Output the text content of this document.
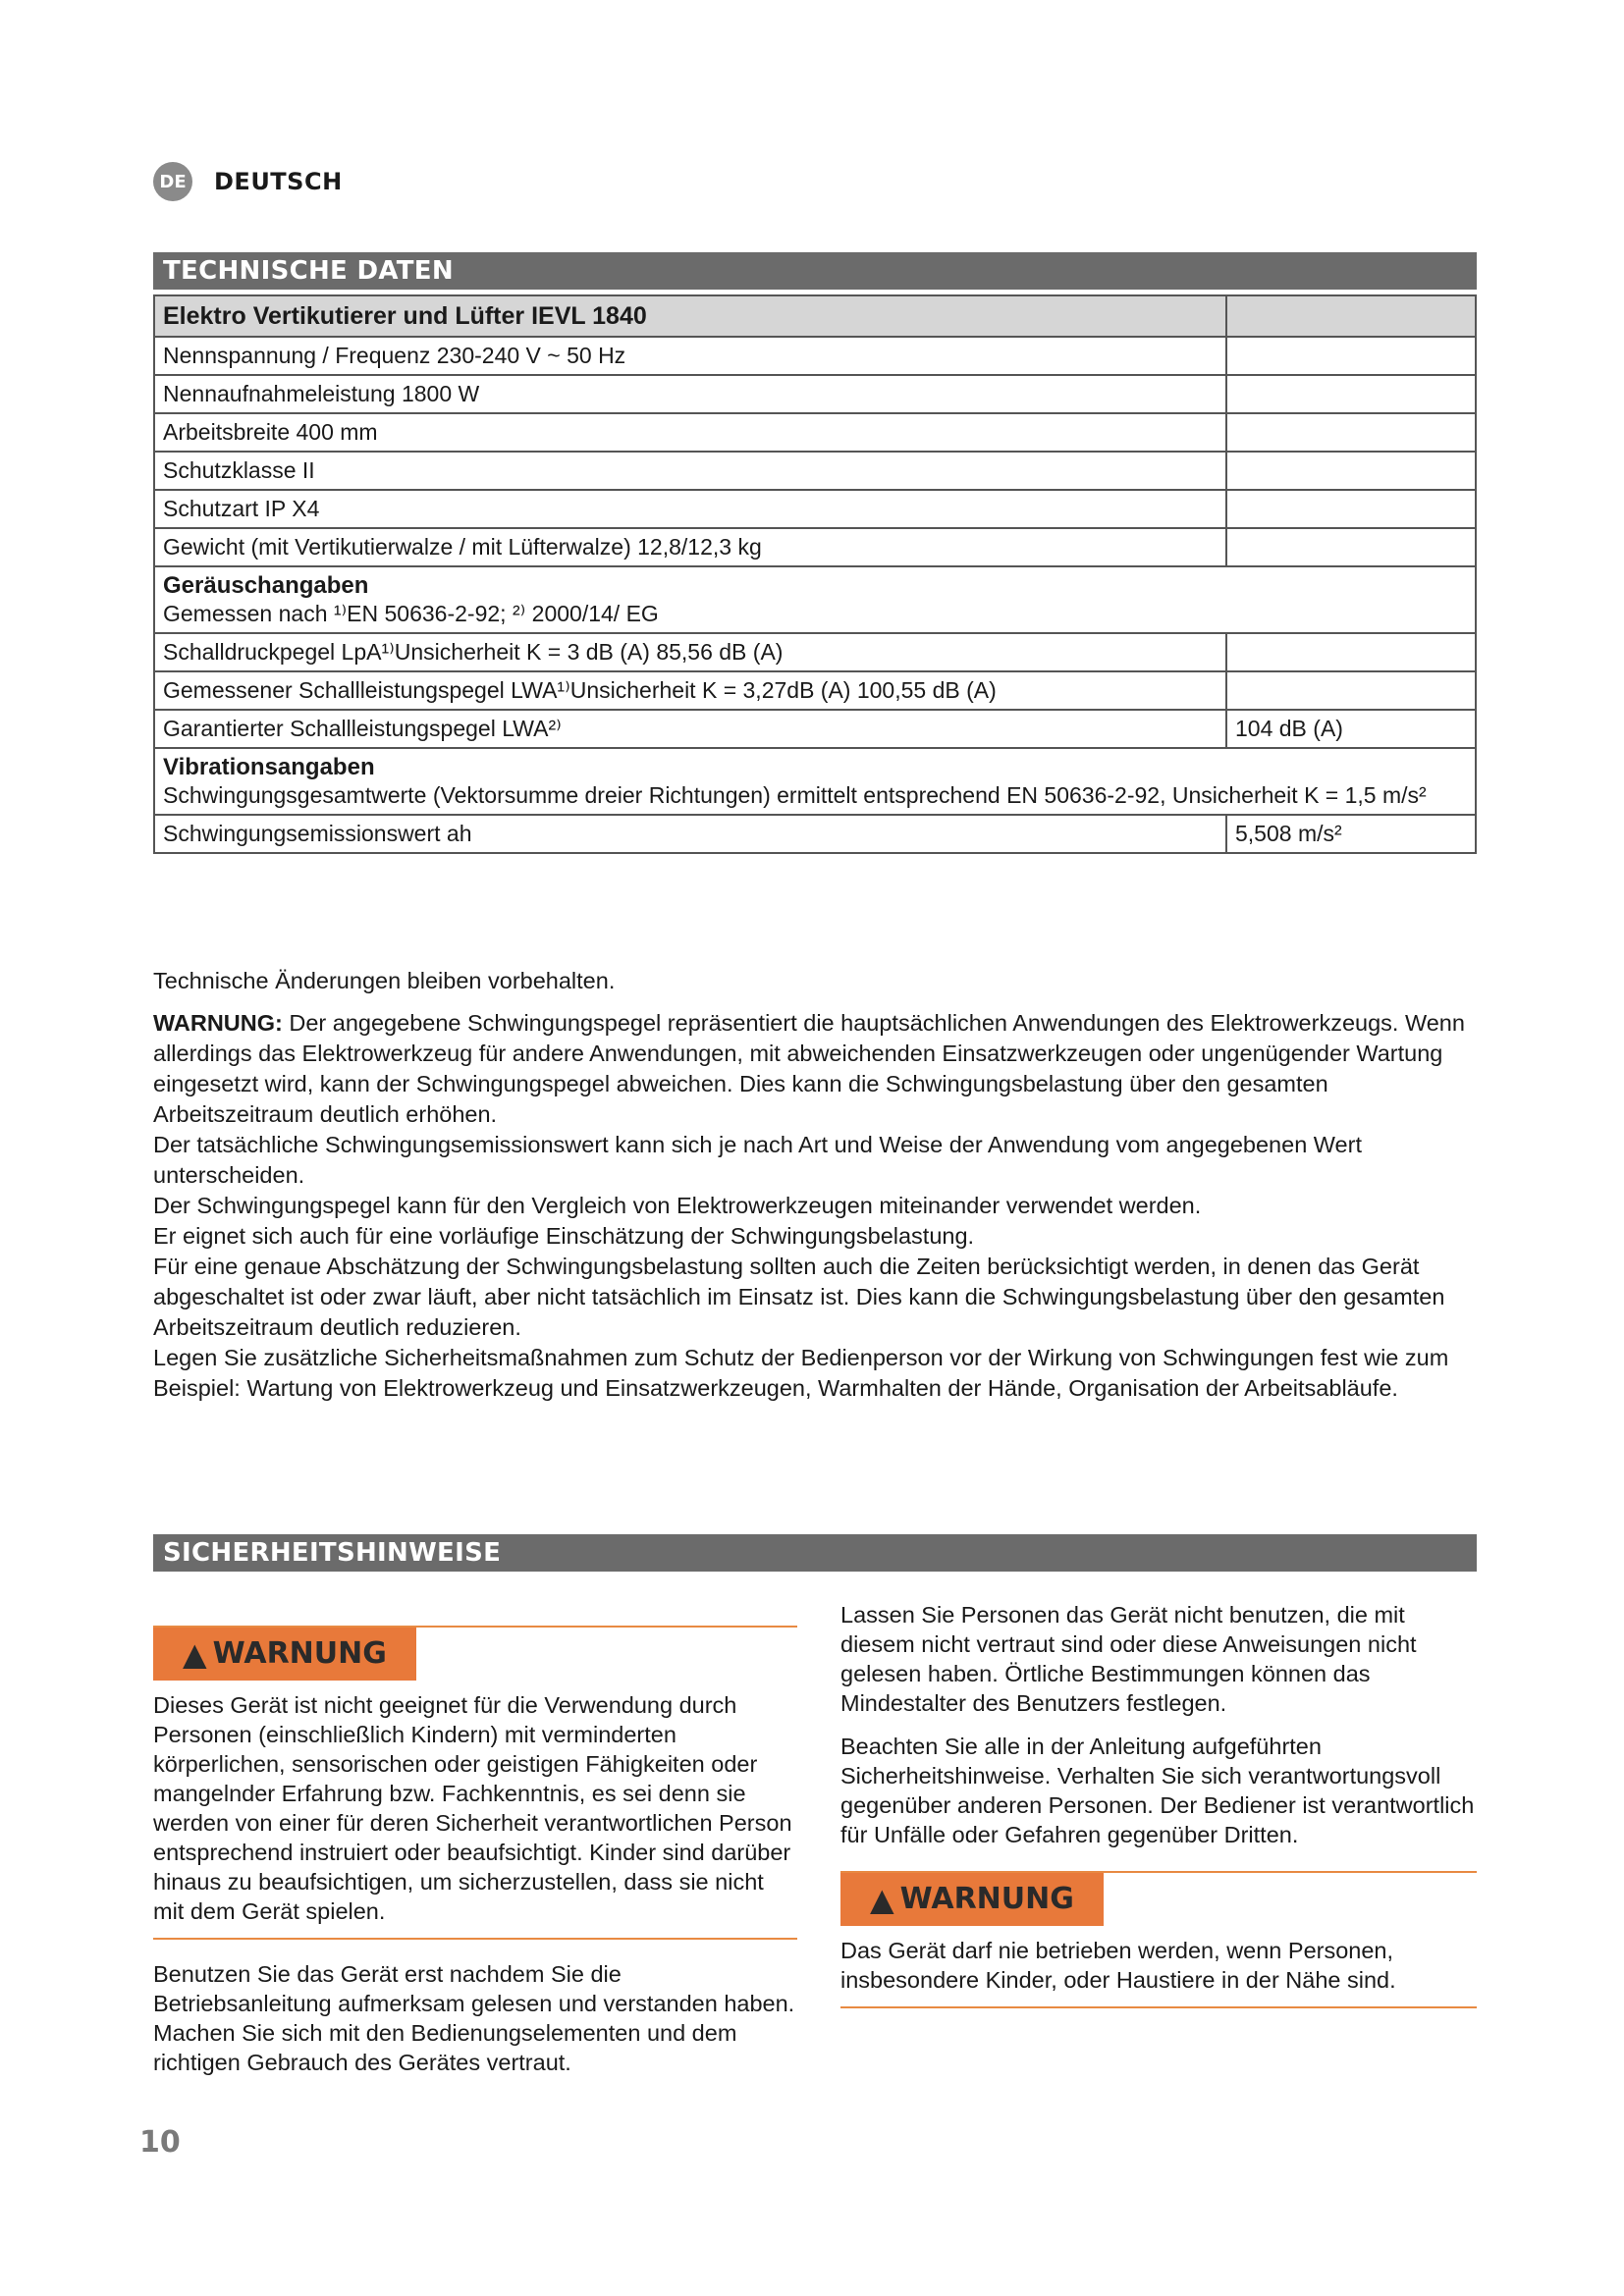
DE DEUTSCH
TECHNISCHE DATEN
Elektro Vertikutierer und Lüfter IEVL 1840	
Nennspannung / Frequenz 230-240 V ~ 50 Hz	
Nennaufnahmeleistung 1800 W	
Arbeitsbreite 400 mm	
Schutzklasse II	
Schutzart IP X4	
Gewicht (mit Vertikutierwalze / mit Lüfterwalze) 12,8/12,3 kg	

Geräuschangaben
Gemessen nach ¹⁾EN 50636-2-92; ²⁾ 2000/14/ EG	
Schalldruckpegel LpA¹⁾Unsicherheit K = 3 dB (A) 85,56 dB (A)	
Gemessener Schallleistungspegel LWA¹⁾Unsicherheit K = 3,27dB (A) 100,55 dB (A)	
Garantierter Schallleistungspegel LWA²⁾	104 dB (A)

Vibrationsangaben
Schwingungsgesamtwerte (Vektorsumme dreier Richtungen) ermittelt entsprechend EN 50636-2-92, Unsicherheit K = 1,5 m/s²	
Schwingungsemissionswert ah	5,508 m/s²

Technische Änderungen bleiben vorbehalten.

WARNUNG: Der angegebene Schwingungspegel repräsentiert die hauptsächlichen Anwendungen des Elektrowerkzeugs. Wenn allerdings das Elektrowerkzeug für andere Anwendungen, mit abweichenden Einsatzwerkzeugen oder ungenügender Wartung eingesetzt wird, kann der Schwingungspegel abweichen. Dies kann die Schwingungsbelastung über den gesamten Arbeitszeitraum deutlich erhöhen.

Der tatsächliche Schwingungsemissionswert kann sich je nach Art und Weise der Anwendung vom angegebenen Wert unterscheiden.

Der Schwingungspegel kann für den Vergleich von Elektrowerkzeugen miteinander verwendet werden.

Er eignet sich auch für eine vorläufige Einschätzung der Schwingungsbelastung.

Für eine genaue Abschätzung der Schwingungsbelastung sollten auch die Zeiten berücksichtigt werden, in denen das Gerät abgeschaltet ist oder zwar läuft, aber nicht tatsächlich im Einsatz ist. Dies kann die Schwingungsbelastung über den gesamten Arbeitszeitraum deutlich reduzieren.

Legen Sie zusätzliche Sicherheitsmaßnahmen zum Schutz der Bedienperson vor der Wirkung von Schwingungen fest wie zum Beispiel: Wartung von Elektrowerkzeug und Einsatzwerkzeugen, Warmhalten der Hände, Organisation der Arbeitsabläufe.

SICHERHEITSHINWEISE
▲ WARNUNG

Dieses Gerät ist nicht geeignet für die Verwendung durch Personen (einschließlich Kindern) mit verminderten körperlichen, sensorischen oder geistigen Fähigkeiten oder mangelnder Erfahrung bzw. Fachkenntnis, es sei denn sie werden von einer für deren Sicherheit verantwortlichen Person entsprechend instruiert oder beaufsichtigt. Kinder sind darüber hinaus zu beaufsichtigen, um sicherzustellen, dass sie nicht mit dem Gerät spielen.

Benutzen Sie das Gerät erst nachdem Sie die Betriebsanleitung aufmerksam gelesen und verstanden haben. Machen Sie sich mit den Bedienungselementen und dem richtigen Gebrauch des Gerätes vertraut.

Lassen Sie Personen das Gerät nicht benutzen, die mit diesem nicht vertraut sind oder diese Anweisungen nicht gelesen haben. Örtliche Bestimmungen können das Mindestalter des Benutzers festlegen.

Beachten Sie alle in der Anleitung aufgeführten Sicherheitshinweise. Verhalten Sie sich verantwortungsvoll gegenüber anderen Personen. Der Bediener ist verantwortlich für Unfälle oder Gefahren gegenüber Dritten.

▲ WARNUNG

Das Gerät darf nie betrieben werden, wenn Personen, insbesondere Kinder, oder Haustiere in der Nähe sind.

10
